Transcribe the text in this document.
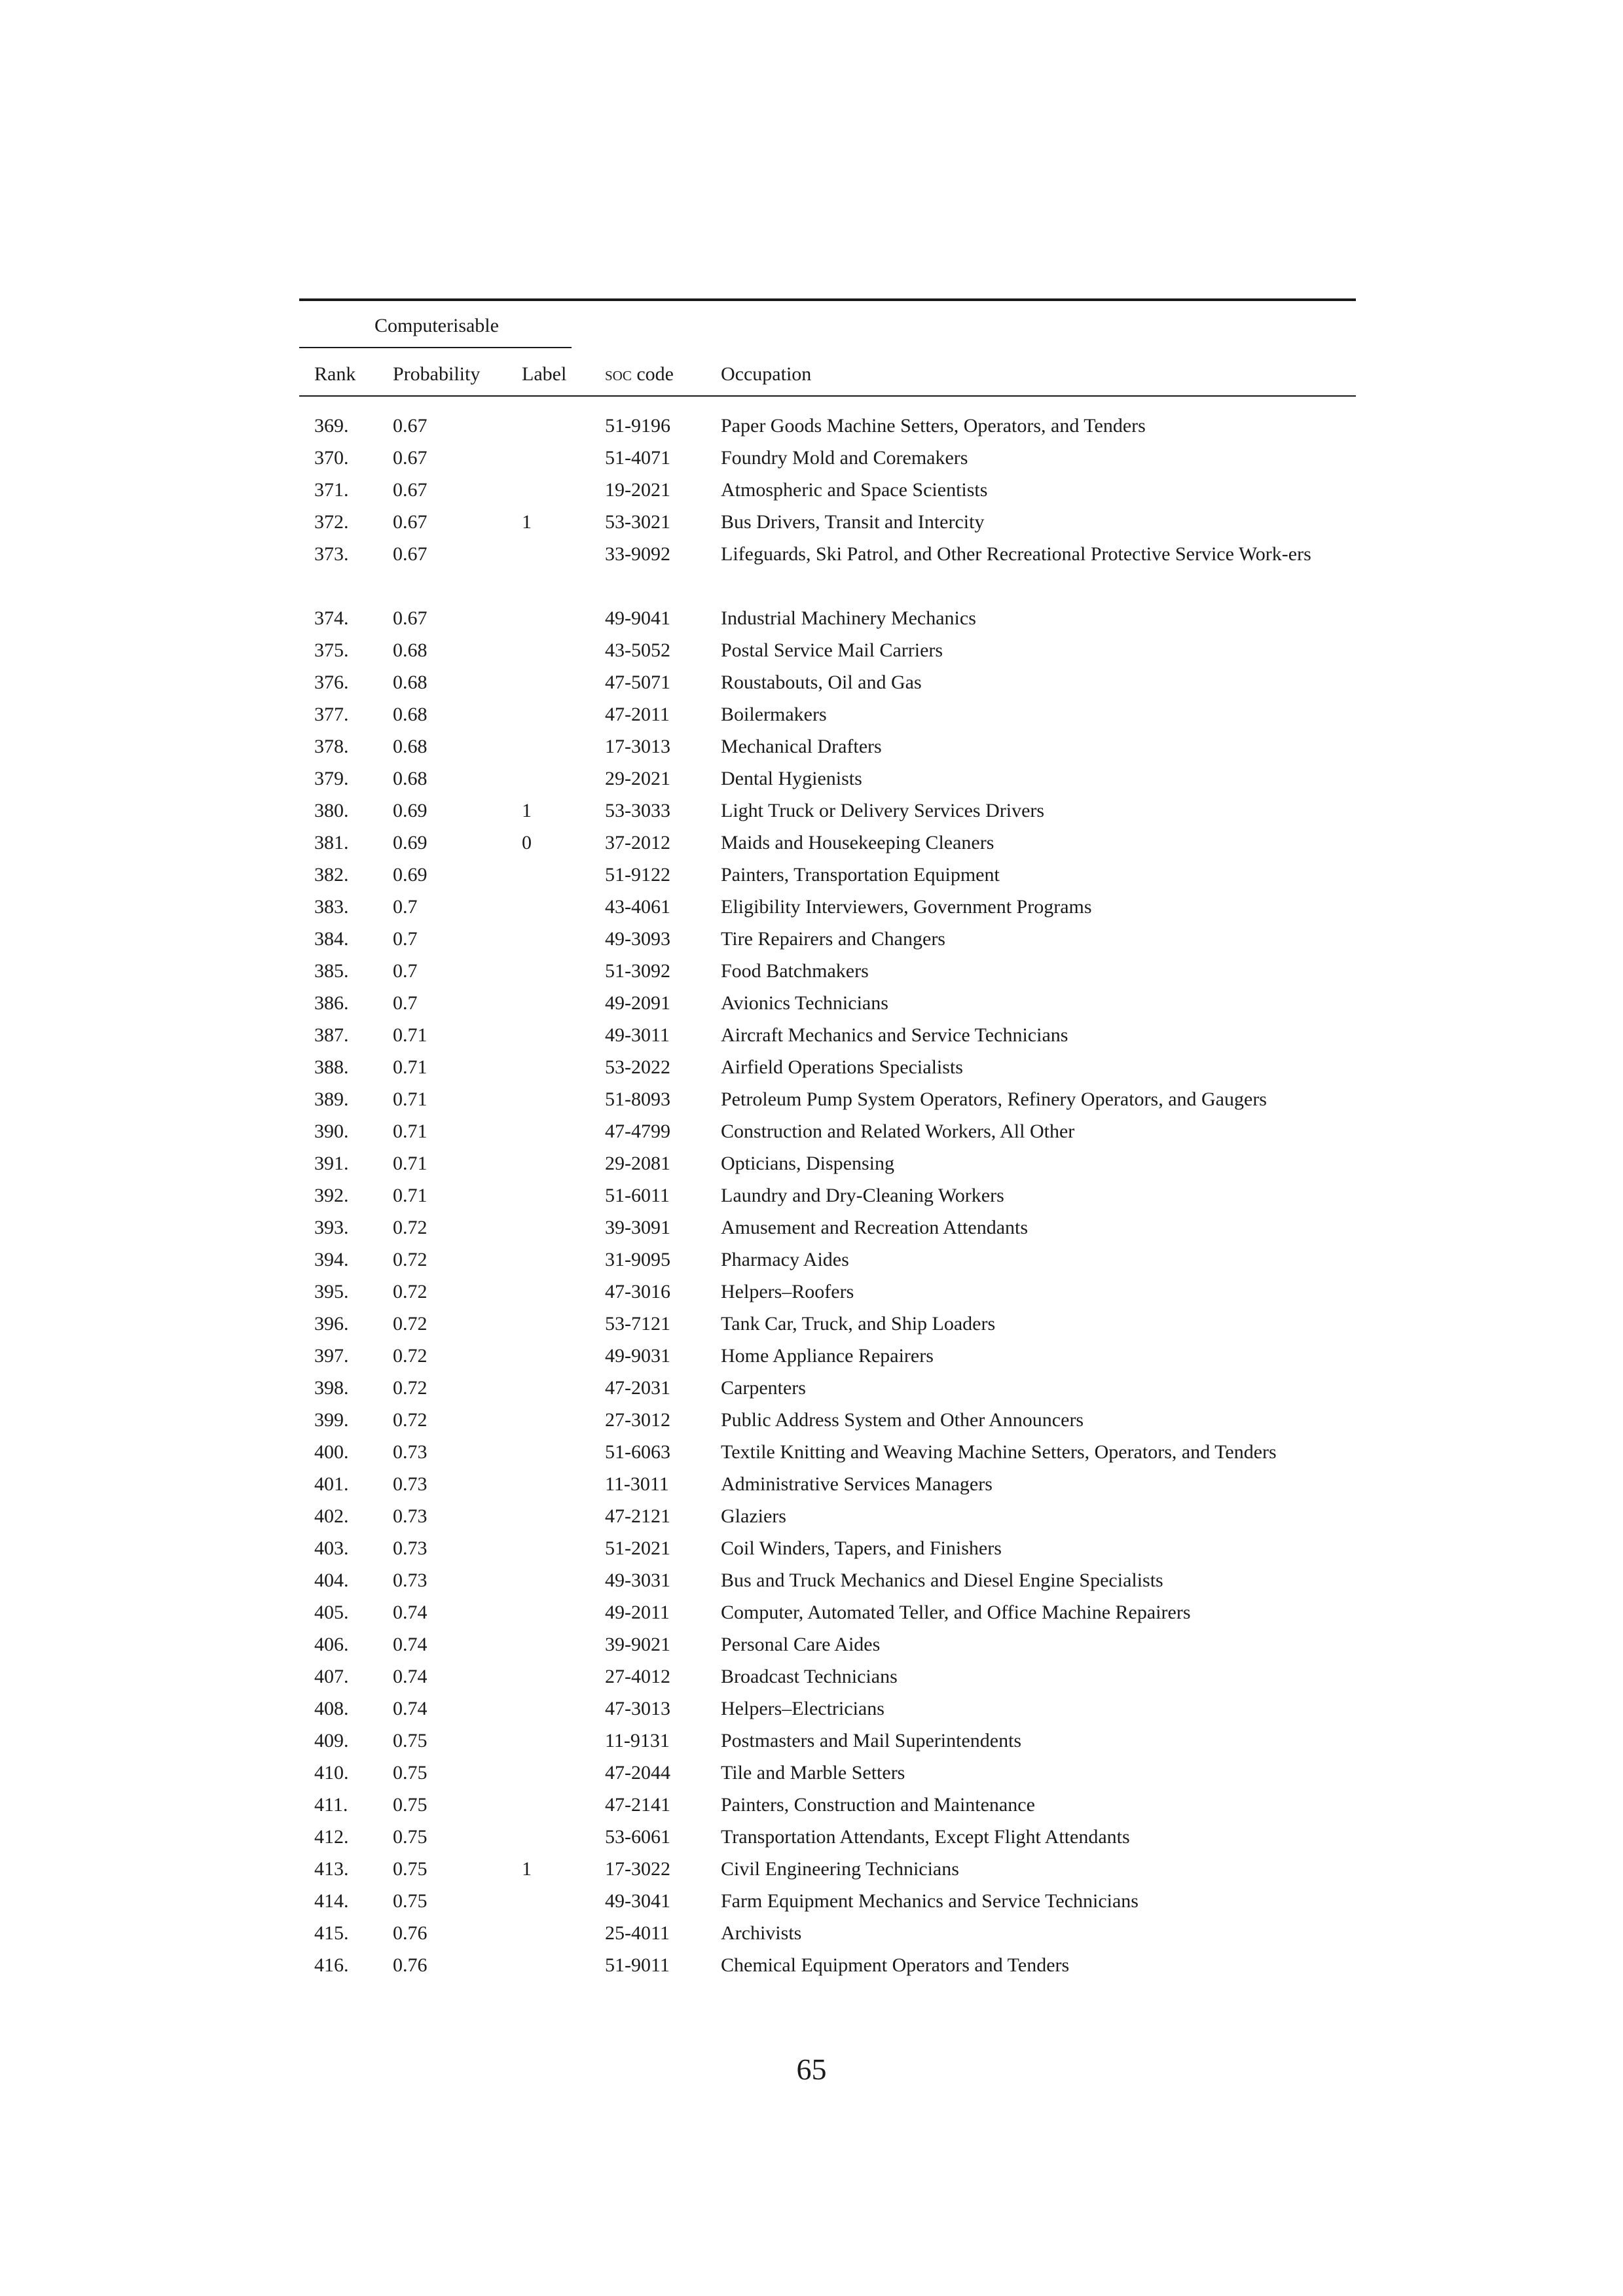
Computerisable
Rank Probability Label soc code Occupation
369. 0.67	51-9196	Paper Goods Machine Setters, Operators, and Tenders
370. 0.67	51-4071	Foundry Mold and Coremakers
371. 0.67	19-2021	Atmospheric and Space Scientists
372. 0.67	1	53-3021	Bus Drivers, Transit and Intercity
373. 0.67	33-9092	Lifeguards, Ski Patrol, and Other Recreational Protective Service Work-ers
374. 0.67	49-9041	Industrial Machinery Mechanics
375. 0.68	43-5052	Postal Service Mail Carriers
376. 0.68	47-5071	Roustabouts, Oil and Gas
377. 0.68	47-2011	Boilermakers
378. 0.68	17-3013	Mechanical Drafters
379. 0.68	29-2021	Dental Hygienists
380. 0.69	1	53-3033	Light Truck or Delivery Services Drivers
381. 0.69	0	37-2012	Maids and Housekeeping Cleaners
382. 0.69	51-9122	Painters, Transportation Equipment
383. 0.7	43-4061	Eligibility Interviewers, Government Programs
384. 0.7	49-3093	Tire Repairers and Changers
385. 0.7	51-3092	Food Batchmakers
386. 0.7	49-2091	Avionics Technicians
387. 0.71	49-3011	Aircraft Mechanics and Service Technicians
388. 0.71	53-2022	Airfield Operations Specialists
389. 0.71	51-8093	Petroleum Pump System Operators, Refinery Operators, and Gaugers
390. 0.71	47-4799	Construction and Related Workers, All Other
391. 0.71	29-2081	Opticians, Dispensing
392. 0.71	51-6011	Laundry and Dry-Cleaning Workers
393. 0.72	39-3091	Amusement and Recreation Attendants
394. 0.72	31-9095	Pharmacy Aides
395. 0.72	47-3016	Helpers–Roofers
396. 0.72	53-7121	Tank Car, Truck, and Ship Loaders
397. 0.72	49-9031	Home Appliance Repairers
398. 0.72	47-2031	Carpenters
399. 0.72	27-3012	Public Address System and Other Announcers
400. 0.73	51-6063	Textile Knitting and Weaving Machine Setters, Operators, and Tenders
401. 0.73	11-3011	Administrative Services Managers
402. 0.73	47-2121	Glaziers
403. 0.73	51-2021	Coil Winders, Tapers, and Finishers
404. 0.73	49-3031	Bus and Truck Mechanics and Diesel Engine Specialists
405. 0.74	49-2011	Computer, Automated Teller, and Office Machine Repairers
406. 0.74	39-9021	Personal Care Aides
407. 0.74	27-4012	Broadcast Technicians
408. 0.74	47-3013	Helpers–Electricians
409. 0.75	11-9131	Postmasters and Mail Superintendents
410. 0.75	47-2044	Tile and Marble Setters
411. 0.75	47-2141	Painters, Construction and Maintenance
412. 0.75	53-6061	Transportation Attendants, Except Flight Attendants
413. 0.75	1	17-3022	Civil Engineering Technicians
414. 0.75	49-3041	Farm Equipment Mechanics and Service Technicians
415. 0.76	25-4011	Archivists
416. 0.76	51-9011	Chemical Equipment Operators and Tenders
65
